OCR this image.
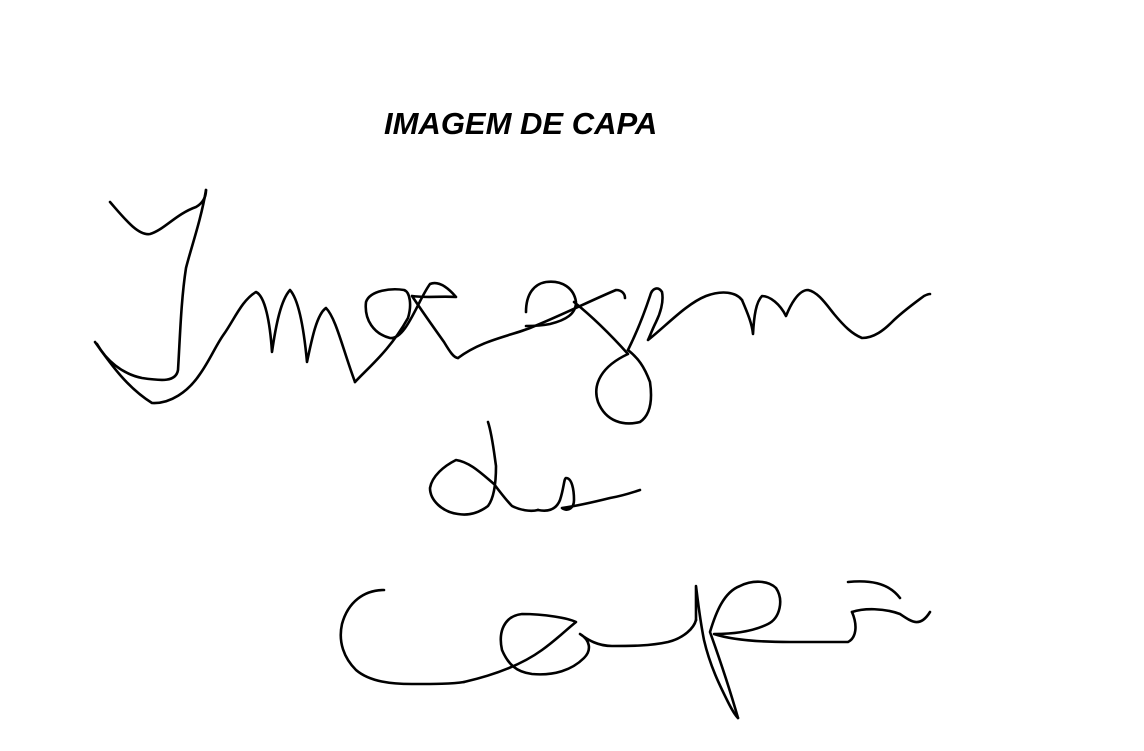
IMAGEM DE CAPA
